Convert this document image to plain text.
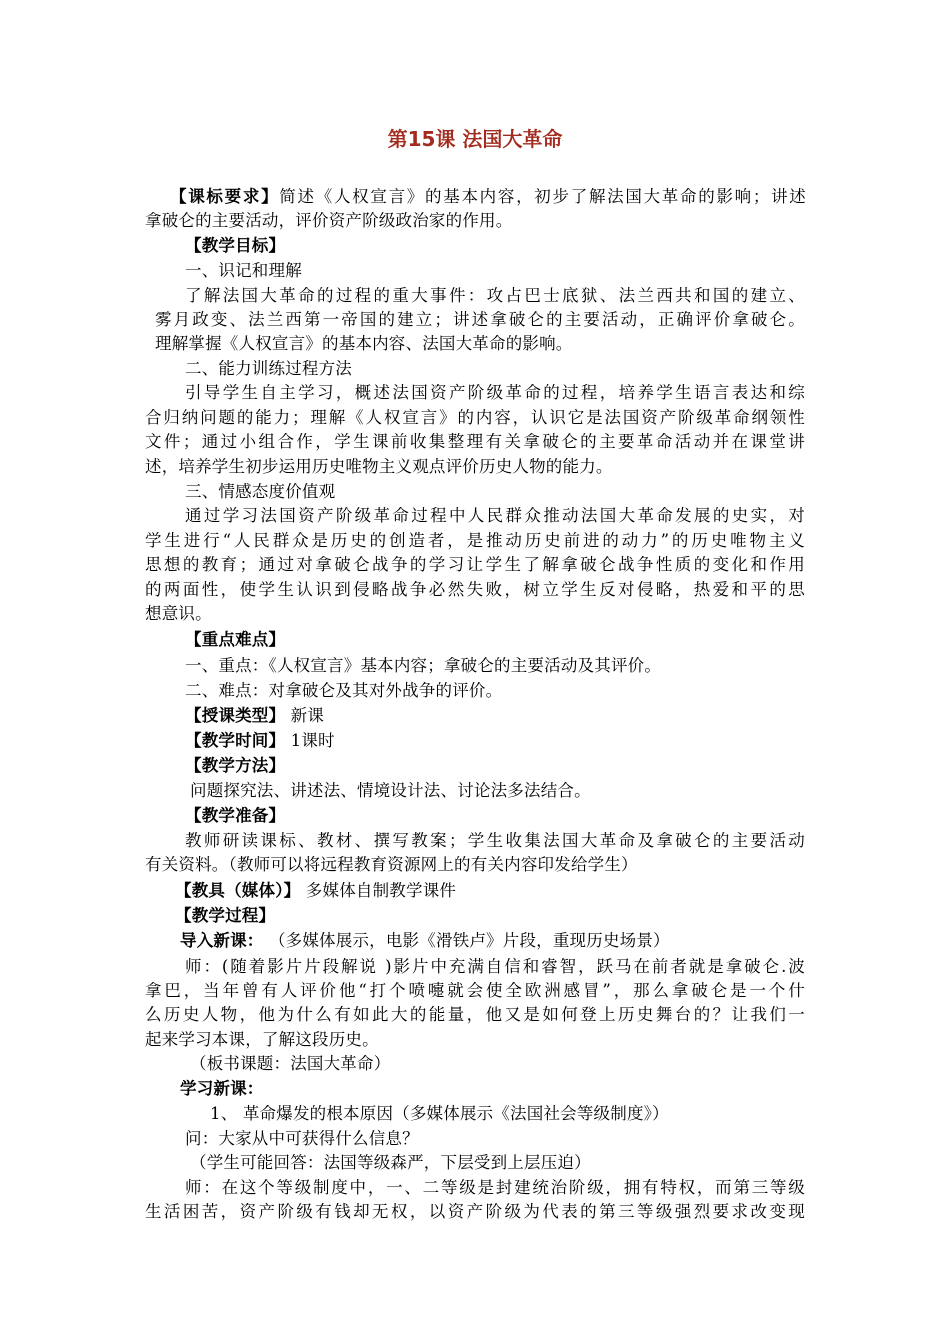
第15课 法国大革命
【课标要求】简述《人权宣言》的基本内容，初步了解法国大革命的影响；讲述
拿破仑的主要活动，评价资产阶级政治家的作用。
【教学目标】
一、识记和理解
了解法国大革命的过程的重大事件：攻占巴士底狱、法兰西共和国的建立、
雾月政变、法兰西第一帝国的建立；讲述拿破仑的主要活动，正确评价拿破仑。
理解掌握《人权宣言》的基本内容、法国大革命的影响。
二、能力训练过程方法
引导学生自主学习，概述法国资产阶级革命的过程，培养学生语言表达和综
合归纳问题的能力；理解《人权宣言》的内容，认识它是法国资产阶级革命纲领性
文件；通过小组合作，学生课前收集整理有关拿破仑的主要革命活动并在课堂讲
述，培养学生初步运用历史唯物主义观点评价历史人物的能力。
三、情感态度价值观
通过学习法国资产阶级革命过程中人民群众推动法国大革命发展的史实，对
学生进行“人民群众是历史的创造者，是推动历史前进的动力”的历史唯物主义
思想的教育；通过对拿破仑战争的学习让学生了解拿破仑战争性质的变化和作用
的两面性，使学生认识到侵略战争必然失败，树立学生反对侵略，热爱和平的思
想意识。
【重点难点】
一、重点：《人权宣言》基本内容；拿破仑的主要活动及其评价。
二、难点：对拿破仑及其对外战争的评价。
【授课类型】 新课
【教学时间】 1课时
【教学方法】
问题探究法、讲述法、情境设计法、讨论法多法结合。
【教学准备】
教师研读课标、教材、撰写教案；学生收集法国大革命及拿破仑的主要活动
有关资料。（教师可以将远程教育资源网上的有关内容印发给学生）
【教具（媒体）】 多媒体自制教学课件
【教学过程】
导入新课： （多媒体展示，电影《滑铁卢》片段，重现历史场景）
师：(随着影片片段解说 )影片中充满自信和睿智，跃马在前者就是拿破仑.波
拿巴，当年曾有人评价他“打个喷嚏就会使全欧洲感冒”，那么拿破仑是一个什
么历史人物，他为什么有如此大的能量，他又是如何登上历史舞台的？让我们一
起来学习本课，了解这段历史。
（板书课题：法国大革命）
学习新课：
1、 革命爆发的根本原因（多媒体展示《法国社会等级制度》）
问：大家从中可获得什么信息？
（学生可能回答：法国等级森严，下层受到上层压迫）
师：在这个等级制度中，一、二等级是封建统治阶级，拥有特权，而第三等级
生活困苦，资产阶级有钱却无权，以资产阶级为代表的第三等级强烈要求改变现
